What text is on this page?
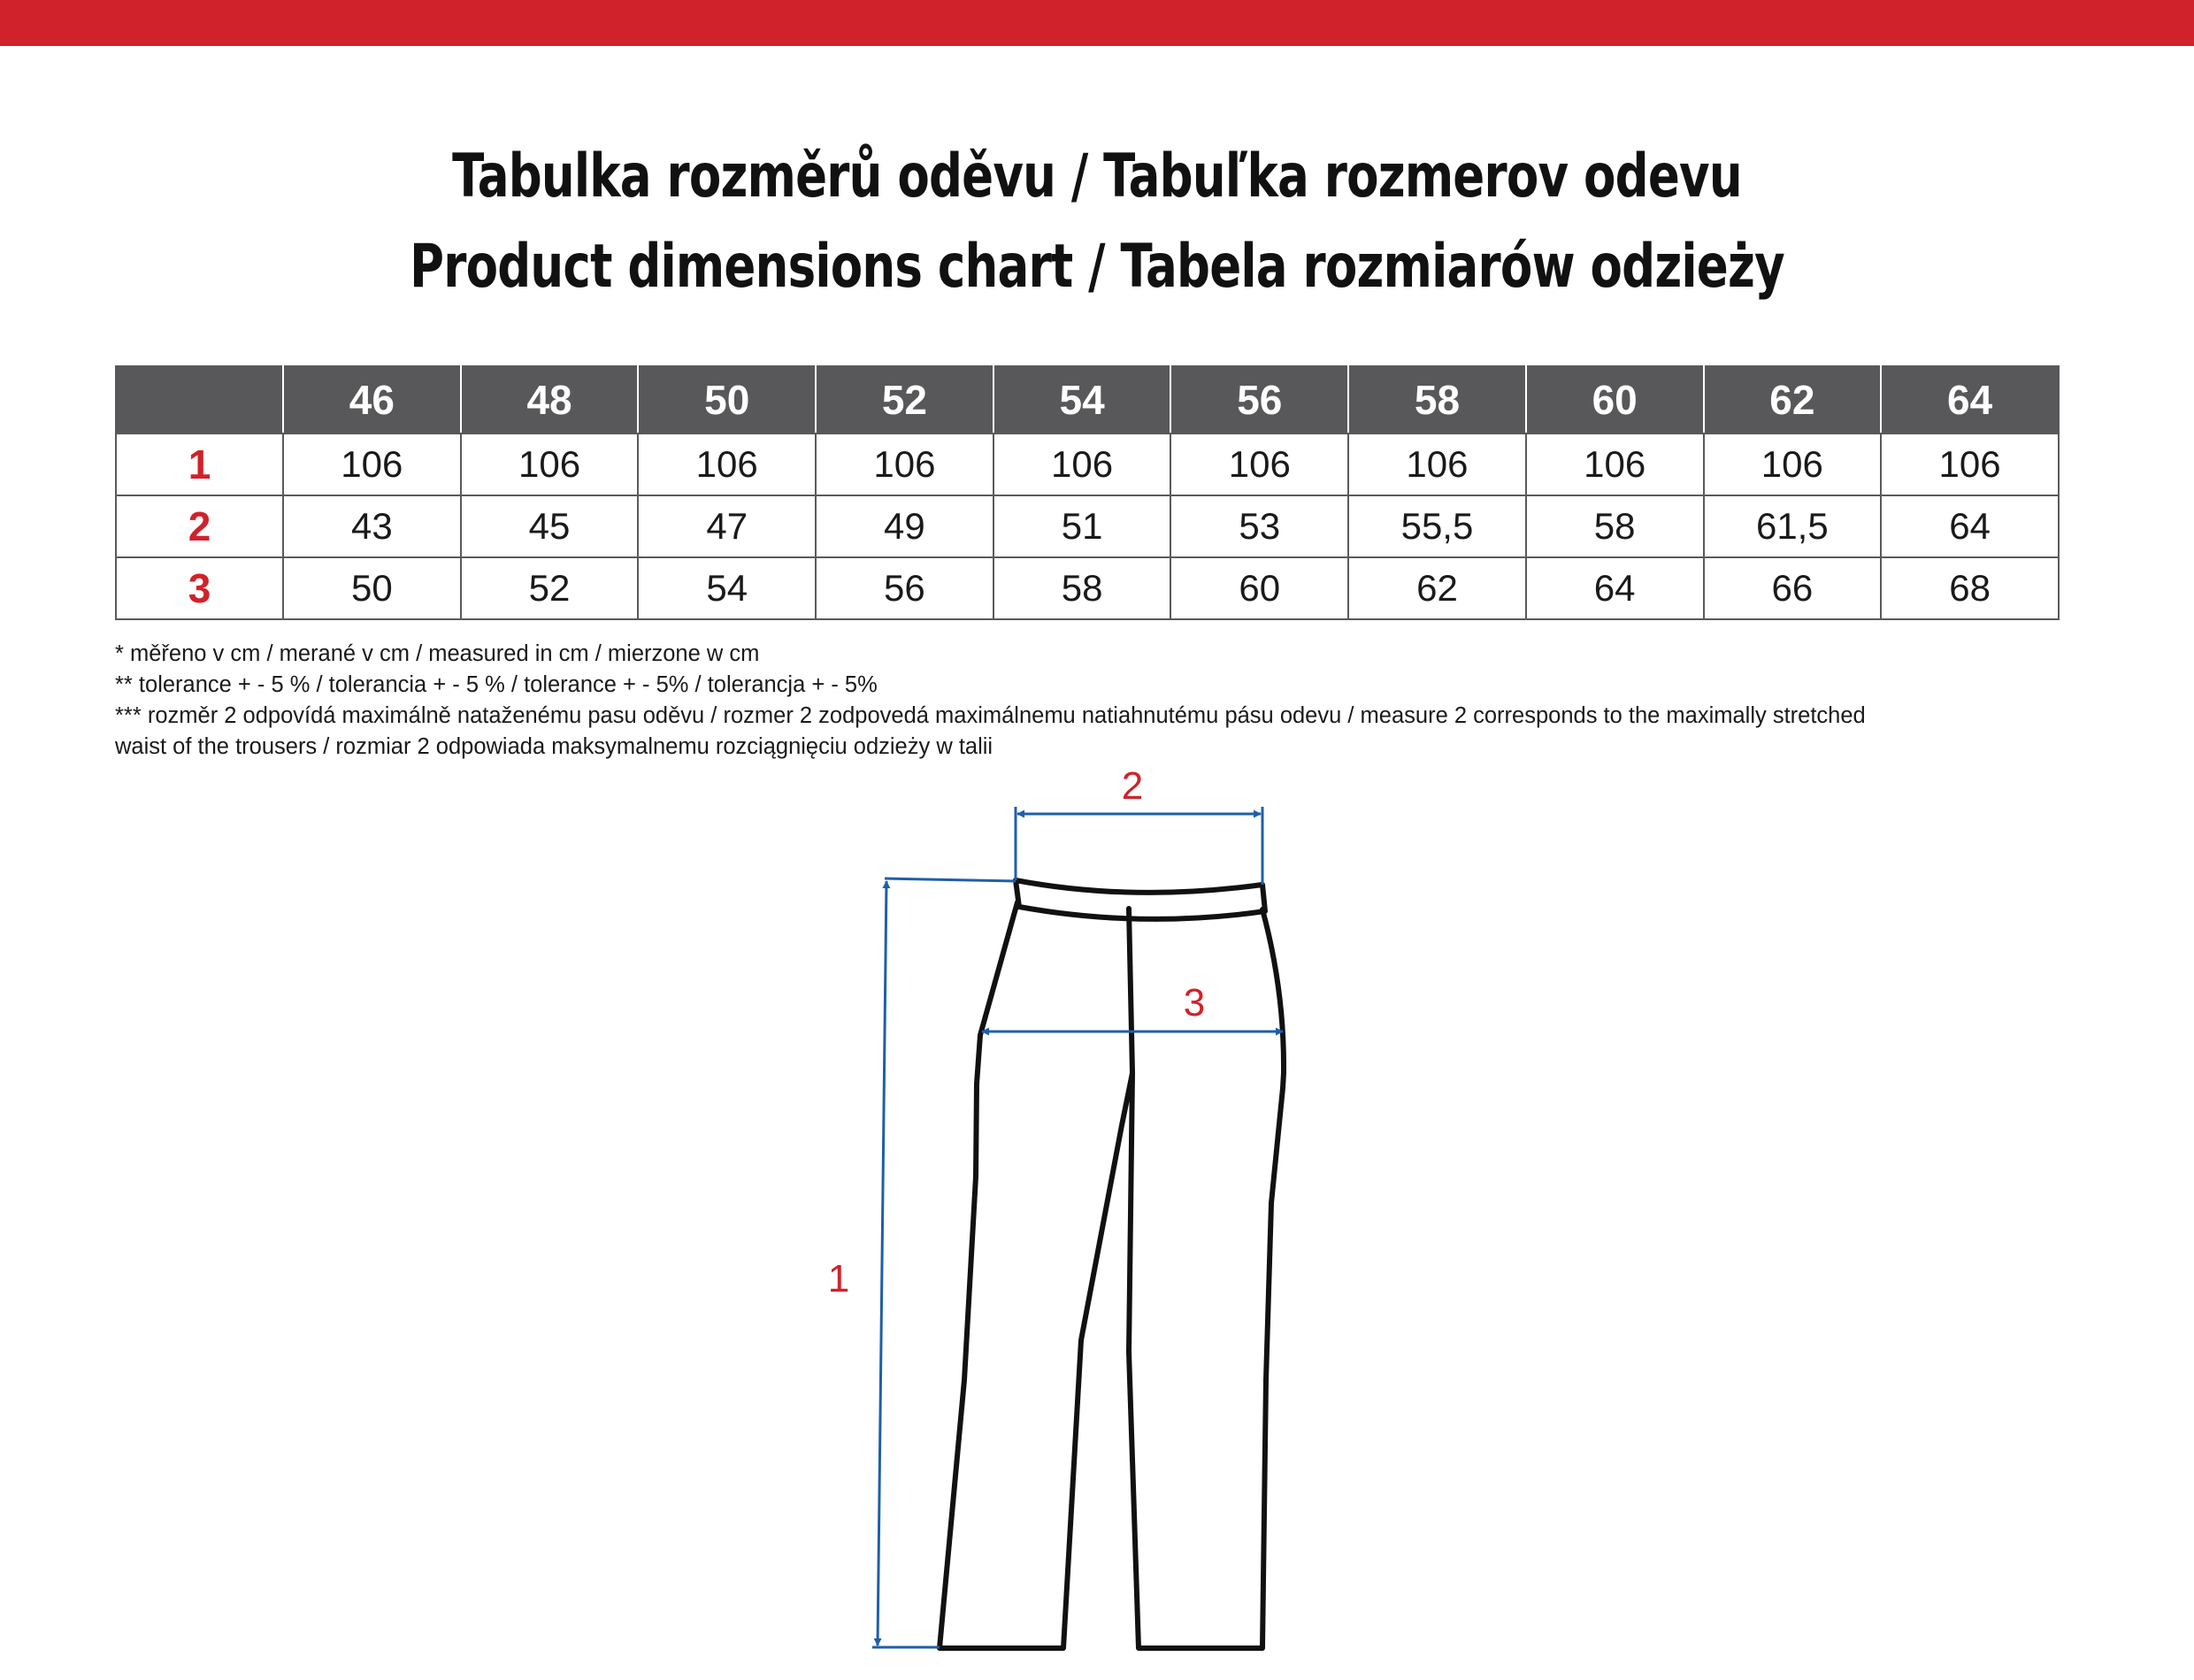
Tabulka rozměrů oděvu / Tabuľka rozmerov odevu
Product dimensions chart / Tabela rozmiarów odzieży
	46	48	50	52	54	56	58	60	62	64
1	106	106	106	106	106	106	106	106	106	106
2	43	45	47	49	51	53	55,5	58	61,5	64
3	50	52	54	56	58	60	62	64	66	68
* měřeno v cm / merané v cm / measured in cm / mierzone w cm
** tolerance + - 5 % / tolerancia + - 5 % / tolerance + - 5% / tolerancja + - 5%
*** rozměr 2 odpovídá maximálně nataženému pasu oděvu / rozmer 2 zodpovedá maximálnemu natiahnutému pásu odevu / measure 2 corresponds to the maximally stretched
waist of the trousers / rozmiar 2 odpowiada maksymalnemu rozciągnięciu odzieży w talii
1
2
3
